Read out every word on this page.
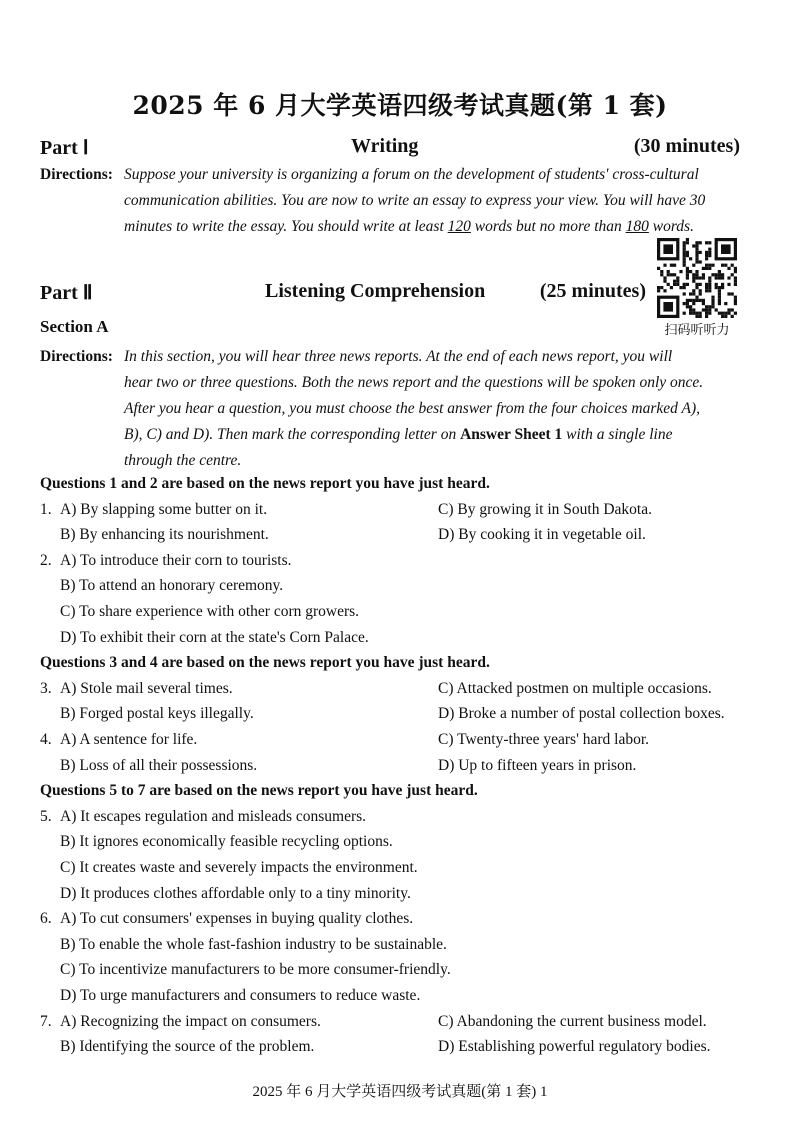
2025 年 6 月大学英语四级考试真题(第 1 套)
Part Ⅰ	Writing	(30 minutes)
Directions: Suppose your university is organizing a forum on the development of students' cross-cultural
communication abilities. You are now to write an essay to express your view. You will have 30
minutes to write the essay. You should write at least 120 words but no more than 180 words.
扫码听听力
Part Ⅱ	Listening Comprehension	(25 minutes)
Section A
Directions: In this section, you will hear three news reports. At the end of each news report, you will
hear two or three questions. Both the news report and the questions will be spoken only once.
After you hear a question, you must choose the best answer from the four choices marked A),
B), C) and D). Then mark the corresponding letter on Answer Sheet 1 with a single line
through the centre.
Questions 1 and 2 are based on the news report you have just heard.
1. A) By slapping some butter on it.	C) By growing it in South Dakota.
B) By enhancing its nourishment.	D) By cooking it in vegetable oil.
2. A) To introduce their corn to tourists.
B) To attend an honorary ceremony.
C) To share experience with other corn growers.
D) To exhibit their corn at the state's Corn Palace.
Questions 3 and 4 are based on the news report you have just heard.
3. A) Stole mail several times.	C) Attacked postmen on multiple occasions.
B) Forged postal keys illegally.	D) Broke a number of postal collection boxes.
4. A) A sentence for life.	C) Twenty-three years' hard labor.
B) Loss of all their possessions.	D) Up to fifteen years in prison.
Questions 5 to 7 are based on the news report you have just heard.
5. A) It escapes regulation and misleads consumers.
B) It ignores economically feasible recycling options.
C) It creates waste and severely impacts the environment.
D) It produces clothes affordable only to a tiny minority.
6. A) To cut consumers' expenses in buying quality clothes.
B) To enable the whole fast-fashion industry to be sustainable.
C) To incentivize manufacturers to be more consumer-friendly.
D) To urge manufacturers and consumers to reduce waste.
7. A) Recognizing the impact on consumers.	C) Abandoning the current business model.
B) Identifying the source of the problem.	D) Establishing powerful regulatory bodies.
2025 年 6 月大学英语四级考试真题(第 1 套) 1
